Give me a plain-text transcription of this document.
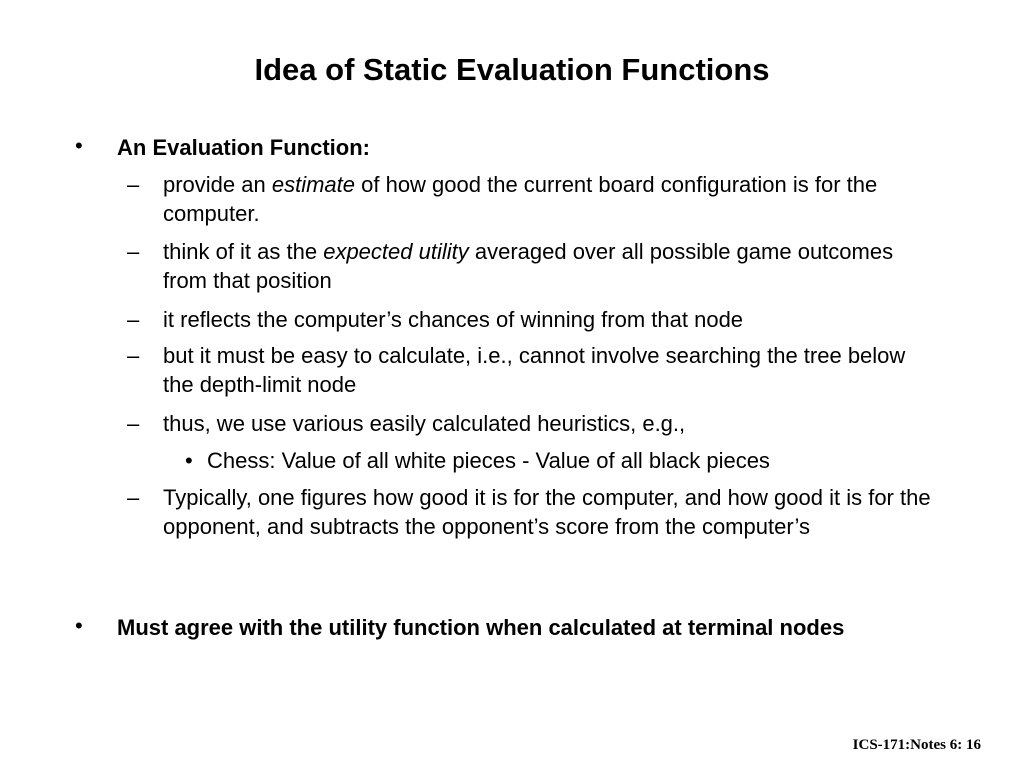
Idea of Static Evaluation Functions
• An Evaluation Function:
– provide an estimate of how good the current board configuration is for the computer.
– think of it as the expected utility averaged over all possible game outcomes from that position
– it reflects the computer’s chances of winning from that node
– but it must be easy to calculate, i.e., cannot involve searching the tree below the depth-limit node
– thus, we use various easily calculated heuristics, e.g.,
• Chess: Value of all white pieces - Value of all black pieces
– Typically, one figures how good it is for the computer, and how good it is for the opponent, and subtracts the opponent’s score from the computer’s
• Must agree with the utility function when calculated at terminal nodes
ICS-171:Notes 6: 16
